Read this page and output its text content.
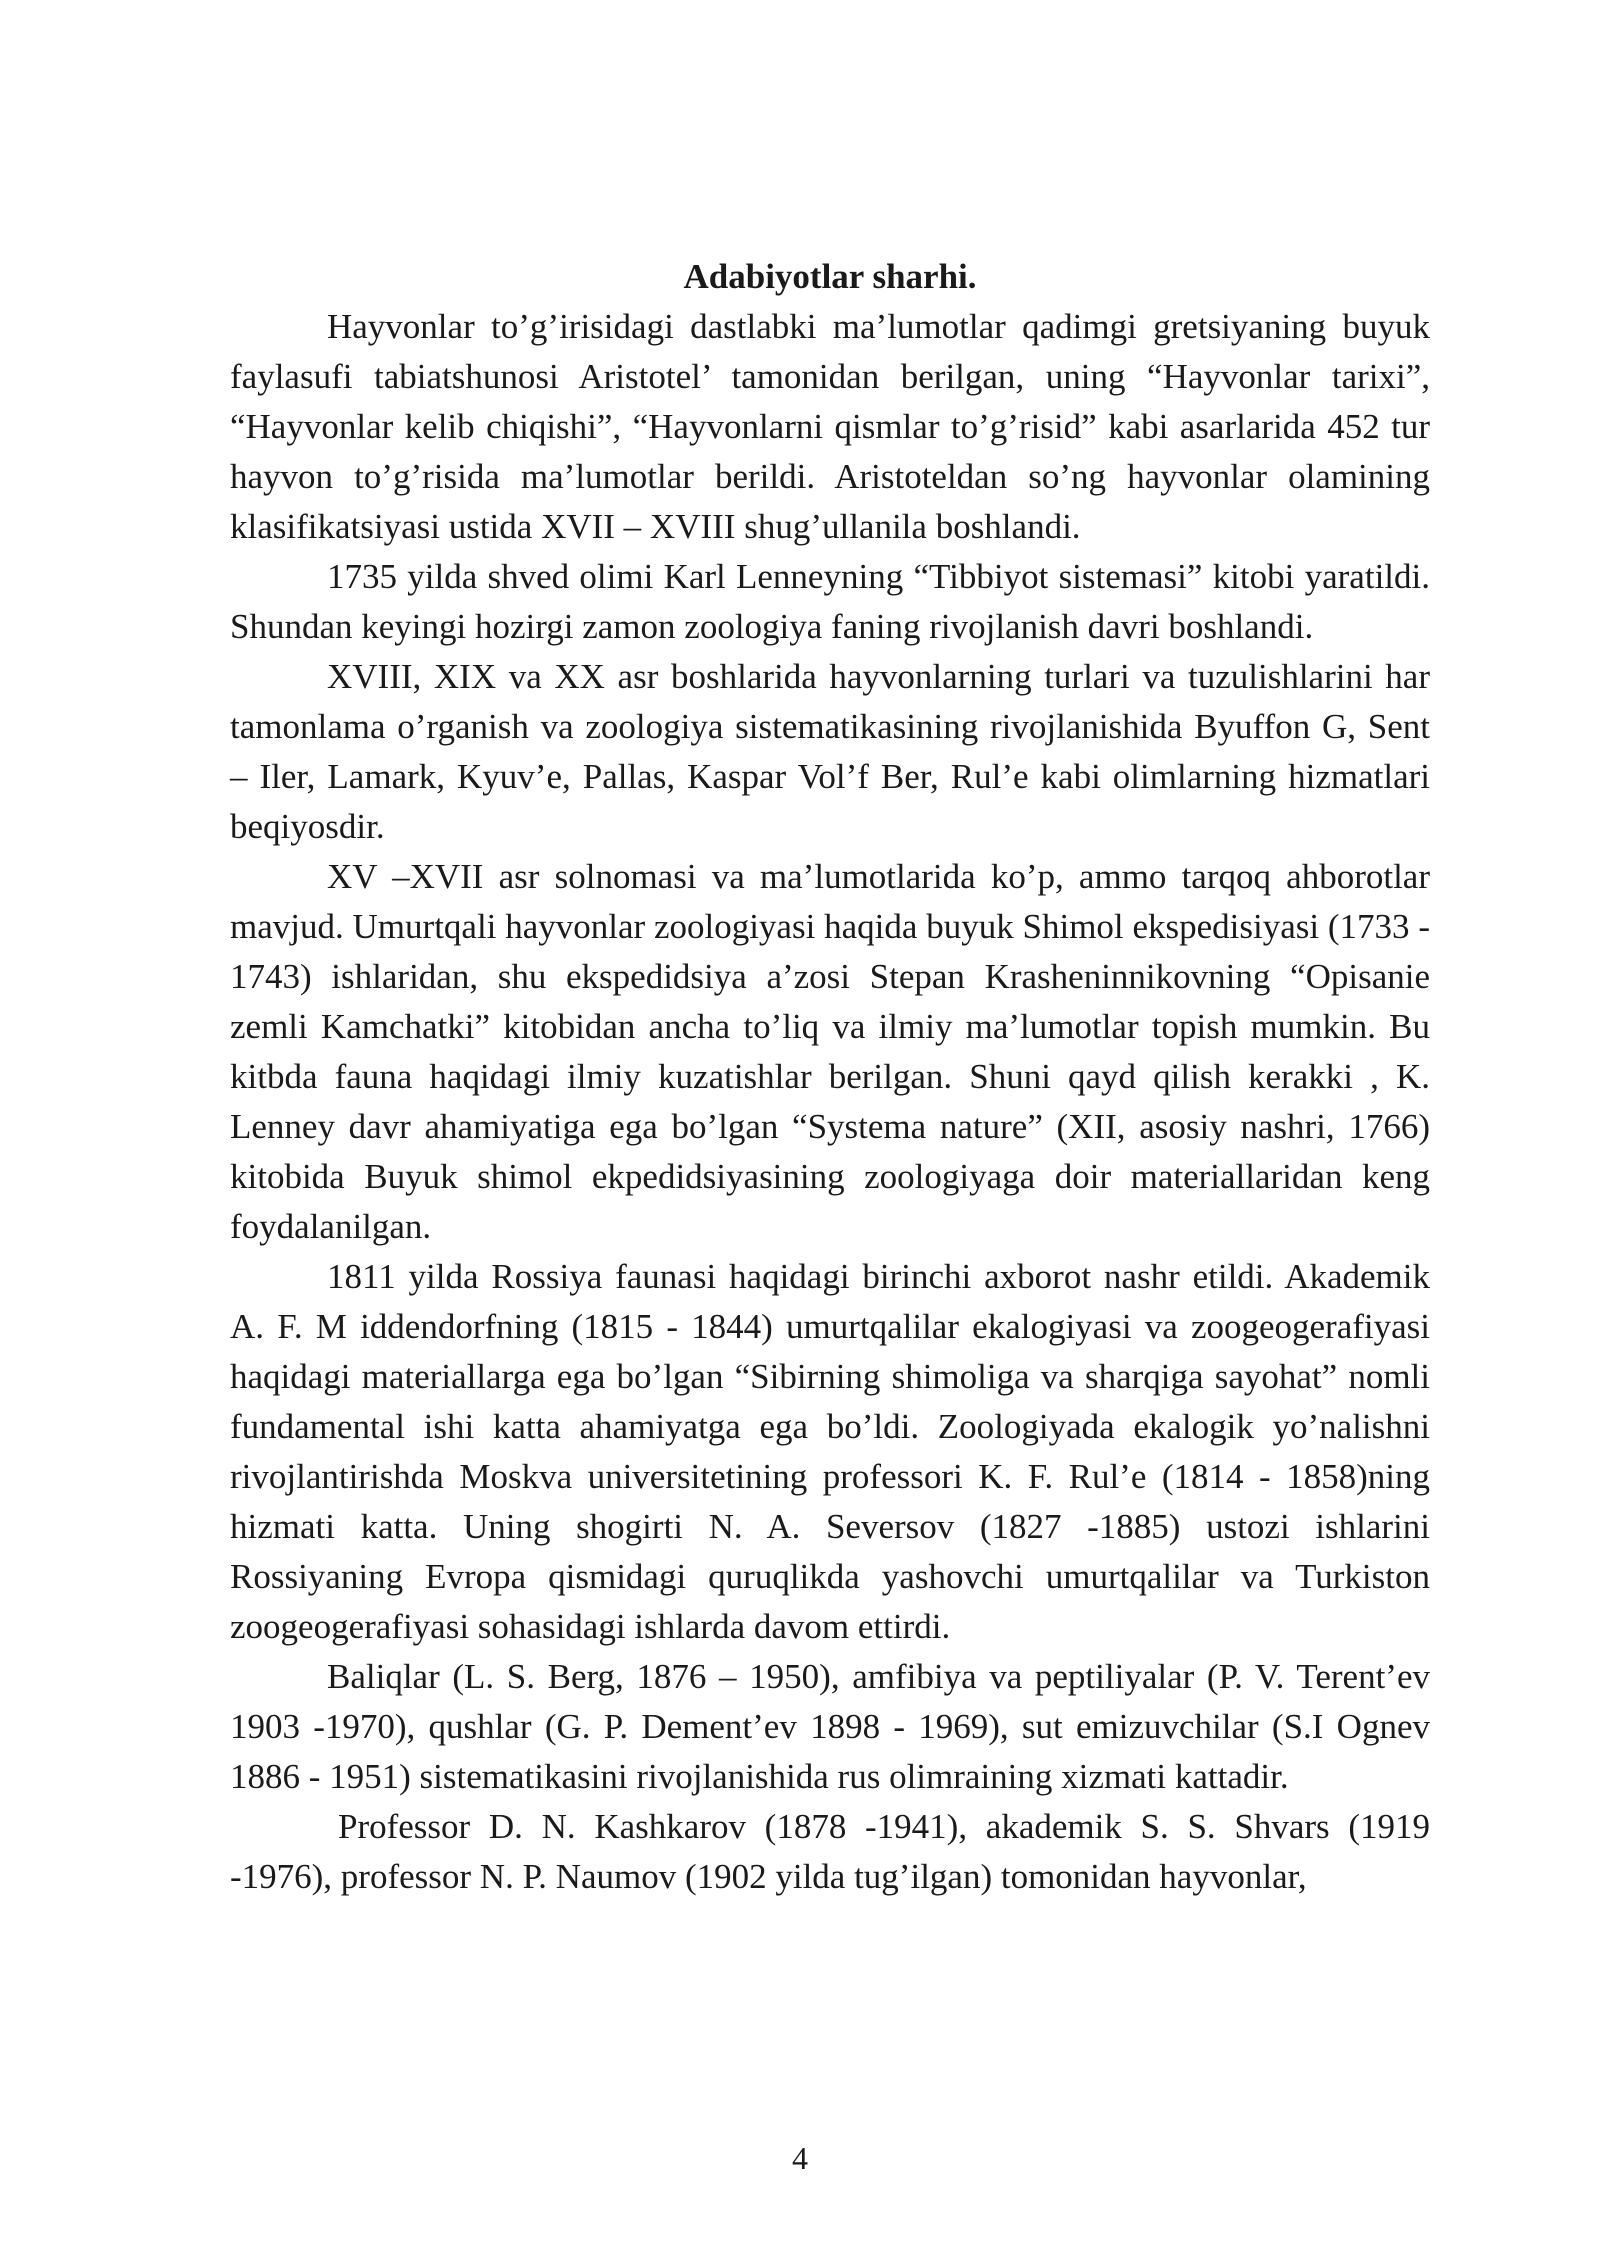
Adabiyotlar sharhi.

Hayvonlar to’g’irisidagi dastlabki ma’lumotlar qadimgi gretsiyaning buyuk faylasufi tabiatshunosi Aristotel’ tamonidan berilgan, uning “Hayvonlar tarixi”, “Hayvonlar kelib chiqishi”, “Hayvonlarni qismlar to’g’risid” kabi asarlarida 452 tur hayvon to’g’risida ma’lumotlar berildi. Aristoteldan so’ng hayvonlar olamining klasifikatsiyasi ustida XVII – XVIII shug’ullanila boshlandi.

1735 yilda shved olimi Karl Lenneyning “Tibbiyot sistemasi” kitobi yaratildi. Shundan keyingi hozirgi zamon zoologiya faning rivojlanish davri boshlandi.

XVIII, XIX va XX asr boshlarida hayvonlarning turlari va tuzulishlarini har tamonlama o’rganish va zoologiya sistematikasining rivojlanishida Byuffon G, Sent – Iler, Lamark, Kyuv’e, Pallas, Kaspar Vol’f Ber, Rul’e kabi olimlarning hizmatlari beqiyosdir.

XV –XVII asr solnomasi va ma’lumotlarida ko’p, ammo tarqoq ahborotlar mavjud. Umurtqali hayvonlar zoologiyasi haqida buyuk Shimol ekspedisiyasi (1733 - 1743) ishlaridan, shu ekspedidsiya a’zosi Stepan Krasheninnikovning “Opisanie zemli Kamchatki” kitobidan ancha to’liq va ilmiy ma’lumotlar topish mumkin. Bu kitbda fauna haqidagi ilmiy kuzatishlar berilgan. Shuni qayd qilish kerakki , K. Lenney davr ahamiyatiga ega bo’lgan “Systema nature” (XII, asosiy nashri, 1766) kitobida Buyuk shimol ekpedidsiyasining zoologiyaga doir materiallaridan keng foydalanilgan.

1811 yilda Rossiya faunasi haqidagi birinchi axborot nashr etildi. Akademik A. F. M iddendorfning (1815 - 1844) umurtqalilar ekalogiyasi va zoogeogerafiyasi haqidagi materiallarga ega bo’lgan “Sibirning shimoliga va sharqiga sayohat” nomli fundamental ishi katta ahamiyatga ega bo’ldi. Zoologiyada ekalogik yo’nalishni rivojlantirishda Moskva universitetining professori K. F. Rul’e (1814 - 1858)ning hizmati katta. Uning shogirti N. A. Seversov (1827 -1885) ustozi ishlarini Rossiyaning Evropa qismidagi quruqlikda yashovchi umurtqalilar va Turkiston zoogeogerafiyasi sohasidagi ishlarda davom ettirdi.

Baliqlar (L. S. Berg, 1876 – 1950), amfibiya va peptiliyalar (P. V. Terent’ev 1903 -1970), qushlar (G. P. Dement’ev 1898 - 1969), sut emizuvchilar (S.I Ognev 1886 - 1951) sistematikasini rivojlanishida rus olimraining xizmati kattadir.

Professor D. N. Kashkarov (1878 -1941), akademik S. S. Shvars (1919 -1976), professor N. P. Naumov (1902 yilda tug’ilgan) tomonidan hayvonlar,

4
